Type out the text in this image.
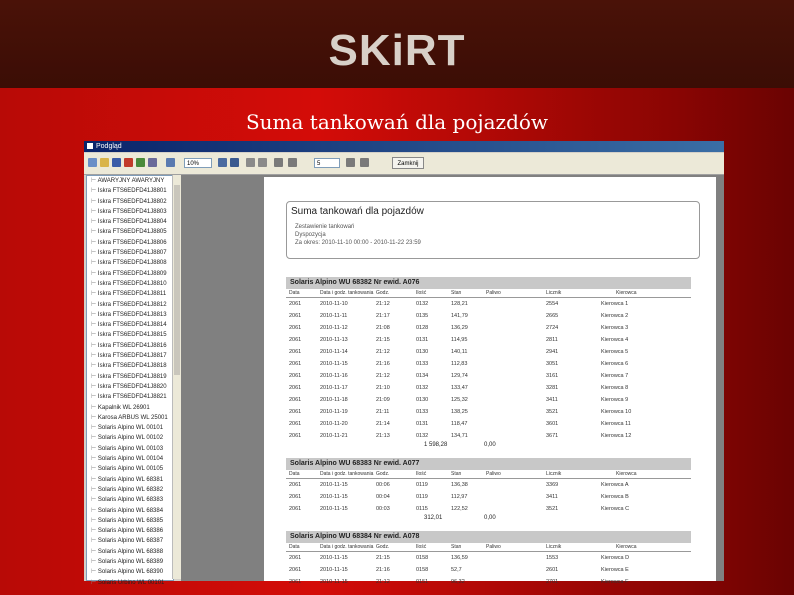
SKiRT
Suma tankowań dla pojazdów
Podgląd
10%	5	Zamknij
⊢ AWARYJNY AWARYJNY
⊢ Iskra FTS6EDFD41J8801
⊢ Iskra FTS6EDFD41J8802
⊢ Iskra FTS6EDFD41J8803
⊢ Iskra FTS6EDFD41J8804
⊢ Iskra FTS6EDFD41J8805
⊢ Iskra FTS6EDFD41J8806
⊢ Iskra FTS6EDFD41J8807
⊢ Iskra FTS6EDFD41J8808
⊢ Iskra FTS6EDFD41J8809
⊢ Iskra FTS6EDFD41J8810
⊢ Iskra FTS6EDFD41J8811
⊢ Iskra FTS6EDFD41J8812
⊢ Iskra FTS6EDFD41J8813
⊢ Iskra FTS6EDFD41J8814
⊢ Iskra FTS6EDFD41J8815
⊢ Iskra FTS6EDFD41J8816
⊢ Iskra FTS6EDFD41J8817
⊢ Iskra FTS6EDFD41J8818
⊢ Iskra FTS6EDFD41J8819
⊢ Iskra FTS6EDFD41J8820
⊢ Iskra FTS6EDFD41J8821
⊢ Kapalnik WL 26901
⊢ Karosa ARBUS WL 25001
⊢ Solaris Alpino WL 00101
⊢ Solaris Alpino WL 00102
⊢ Solaris Alpino WL 00103
⊢ Solaris Alpino WL 00104
⊢ Solaris Alpino WL 00105
⊢ Solaris Alpino WL 68381
⊢ Solaris Alpino WL 68382
⊢ Solaris Alpino WL 68383
⊢ Solaris Alpino WL 68384
⊢ Solaris Alpino WL 68385
⊢ Solaris Alpino WL 68386
⊢ Solaris Alpino WL 68387
⊢ Solaris Alpino WL 68388
⊢ Solaris Alpino WL 68389
⊢ Solaris Alpino WL 68390
⊢ Solaris Urbino WL 00101
Suma tankowań dla pojazdów
Zestawienie tankowań
Dyspozycja
Za okres: 2010-11-10 00:00 - 2010-11-22 23:59
Solaris Alpino WU 68382 Nr ewid. A076
Data	Data i godz. tankowania Godz.	Ilość	Stan	Paliwo	Licznik	Kierowca
2061	2010-11-10	21:12	0132	128,21	2554	Kierowca 1
2061	2010-11-11	21:17	0135	141,79	2665	Kierowca 2
2061	2010-11-12	21:08	0128	136,29	2724	Kierowca 3
2061	2010-11-13	21:15	0131	114,95	2811	Kierowca 4
2061	2010-11-14	21:12	0130	140,11	2941	Kierowca 5
2061	2010-11-15	21:16	0133	112,83	3051	Kierowca 6
2061	2010-11-16	21:12	0134	129,74	3161	Kierowca 7
2061	2010-11-17	21:10	0132	133,47	3281	Kierowca 8
2061	2010-11-18	21:09	0130	125,32	3411	Kierowca 9
2061	2010-11-19	21:11	0133	138,25	3521	Kierowca 10
2061	2010-11-20	21:14	0131	118,47	3601	Kierowca 11
2061	2010-11-21	21:13	0132	134,71	3671	Kierowca 12
1 598,28	0,00
Solaris Alpino WU 68383 Nr ewid. A077
Data	Data i godz. tankowania Godz.	Ilość	Stan	Paliwo	Licznik	Kierowca
2061	2010-11-15	00:06	0119	136,38	3369	Kierowca A
2061	2010-11-15	00:04	0119	112,97	3411	Kierowca B
2061	2010-11-15	00:03	0115	122,52	3521	Kierowca C
312,01	0,00
Solaris Alpino WU 68384 Nr ewid. A078
Data	Data i godz. tankowania Godz.	Ilość	Stan	Paliwo	Licznik	Kierowca
2061	2010-11-15	21:15	0158	136,59	1553	Kierowca D
2061	2010-11-15	21:16	0158	52,7	2601	Kierowca E
2061	2010-11-15	21:12	0151	96,32	2701	Kierowca F
